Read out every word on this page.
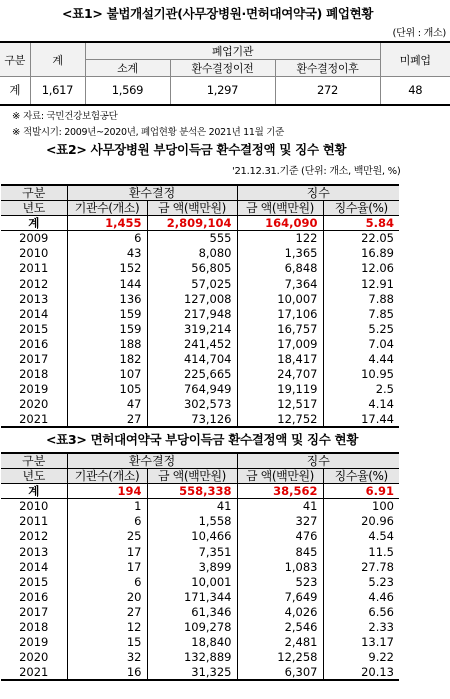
<표1> 불법개설기관(사무장병원·면허대여약국) 폐업현황
(단위 : 개소)
구분	계	폐업기관			미폐업
		소계	환수결정이전	환수결정이후	
계	1,617	1,569	1,297	272	48
※ 자료: 국민건강보험공단
※ 적발시기: 2009년~2020년, 폐업현황 분석은 2021년 11월 기준
<표2> 사무장병원 부당이득금 환수결정액 및 징수 현황
'21.12.31.기준 (단위: 개소, 백만원, %)
구분	환수결정		징수	
년도	기관수(개소)	금 액(백만원)	금 액(백만원)	징수율(%)
계	1,455	2,809,104	164,090	5.84
2009	6	555	122	22.05
2010	43	8,080	1,365	16.89
2011	152	56,805	6,848	12.06
2012	144	57,025	7,364	12.91
2013	136	127,008	10,007	7.88
2014	159	217,948	17,106	7.85
2015	159	319,214	16,757	5.25
2016	188	241,452	17,009	7.04
2017	182	414,704	18,417	4.44
2018	107	225,665	24,707	10.95
2019	105	764,949	19,119	2.5
2020	47	302,573	12,517	4.14
2021	27	73,126	12,752	17.44
<표3> 면허대여약국 부당이득금 환수결정액 및 징수 현황
구분	환수결정		징수	
년도	기관수(개소)	금 액(백만원)	금 액(백만원)	징수율(%)
계	194	558,338	38,562	6.91
2010	1	41	41	100
2011	6	1,558	327	20.96
2012	25	10,466	476	4.54
2013	17	7,351	845	11.5
2014	17	3,899	1,083	27.78
2015	6	10,001	523	5.23
2016	20	171,344	7,649	4.46
2017	27	61,346	4,026	6.56
2018	12	109,278	2,546	2.33
2019	15	18,840	2,481	13.17
2020	32	132,889	12,258	9.22
2021	16	31,325	6,307	20.13
